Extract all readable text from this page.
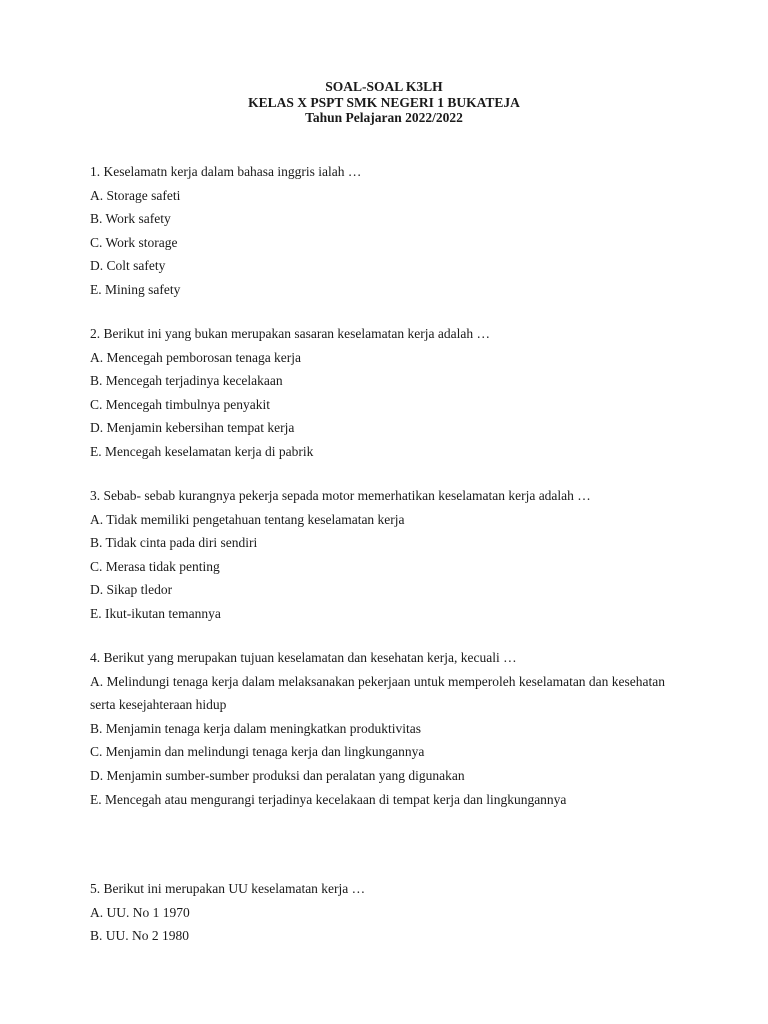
SOAL-SOAL K3LH
KELAS X PSPT SMK NEGERI 1 BUKATEJA
Tahun Pelajaran 2022/2022
1. Keselamatn kerja dalam bahasa inggris ialah …
A. Storage safeti
B. Work safety
C. Work storage
D. Colt safety
E. Mining safety
2. Berikut ini yang bukan merupakan sasaran keselamatan kerja adalah …
A. Mencegah pemborosan tenaga kerja
B. Mencegah terjadinya kecelakaan
C. Mencegah timbulnya penyakit
D. Menjamin kebersihan tempat kerja
E. Mencegah keselamatan kerja di pabrik
3. Sebab- sebab kurangnya pekerja sepada motor memerhatikan keselamatan kerja adalah …
A. Tidak memiliki pengetahuan tentang keselamatan kerja
B. Tidak cinta pada diri sendiri
C. Merasa tidak penting
D. Sikap tledor
E. Ikut-ikutan temannya
4. Berikut yang merupakan tujuan keselamatan dan kesehatan kerja, kecuali …
A. Melindungi tenaga kerja dalam melaksanakan pekerjaan untuk memperoleh keselamatan dan kesehatan serta kesejahteraan hidup
B. Menjamin tenaga kerja dalam meningkatkan produktivitas
C. Menjamin dan melindungi tenaga kerja dan lingkungannya
D. Menjamin sumber-sumber produksi dan peralatan yang digunakan
E. Mencegah atau mengurangi terjadinya kecelakaan di tempat kerja dan lingkungannya
5. Berikut ini merupakan UU keselamatan kerja …
A. UU. No 1 1970
B. UU. No 2 1980
